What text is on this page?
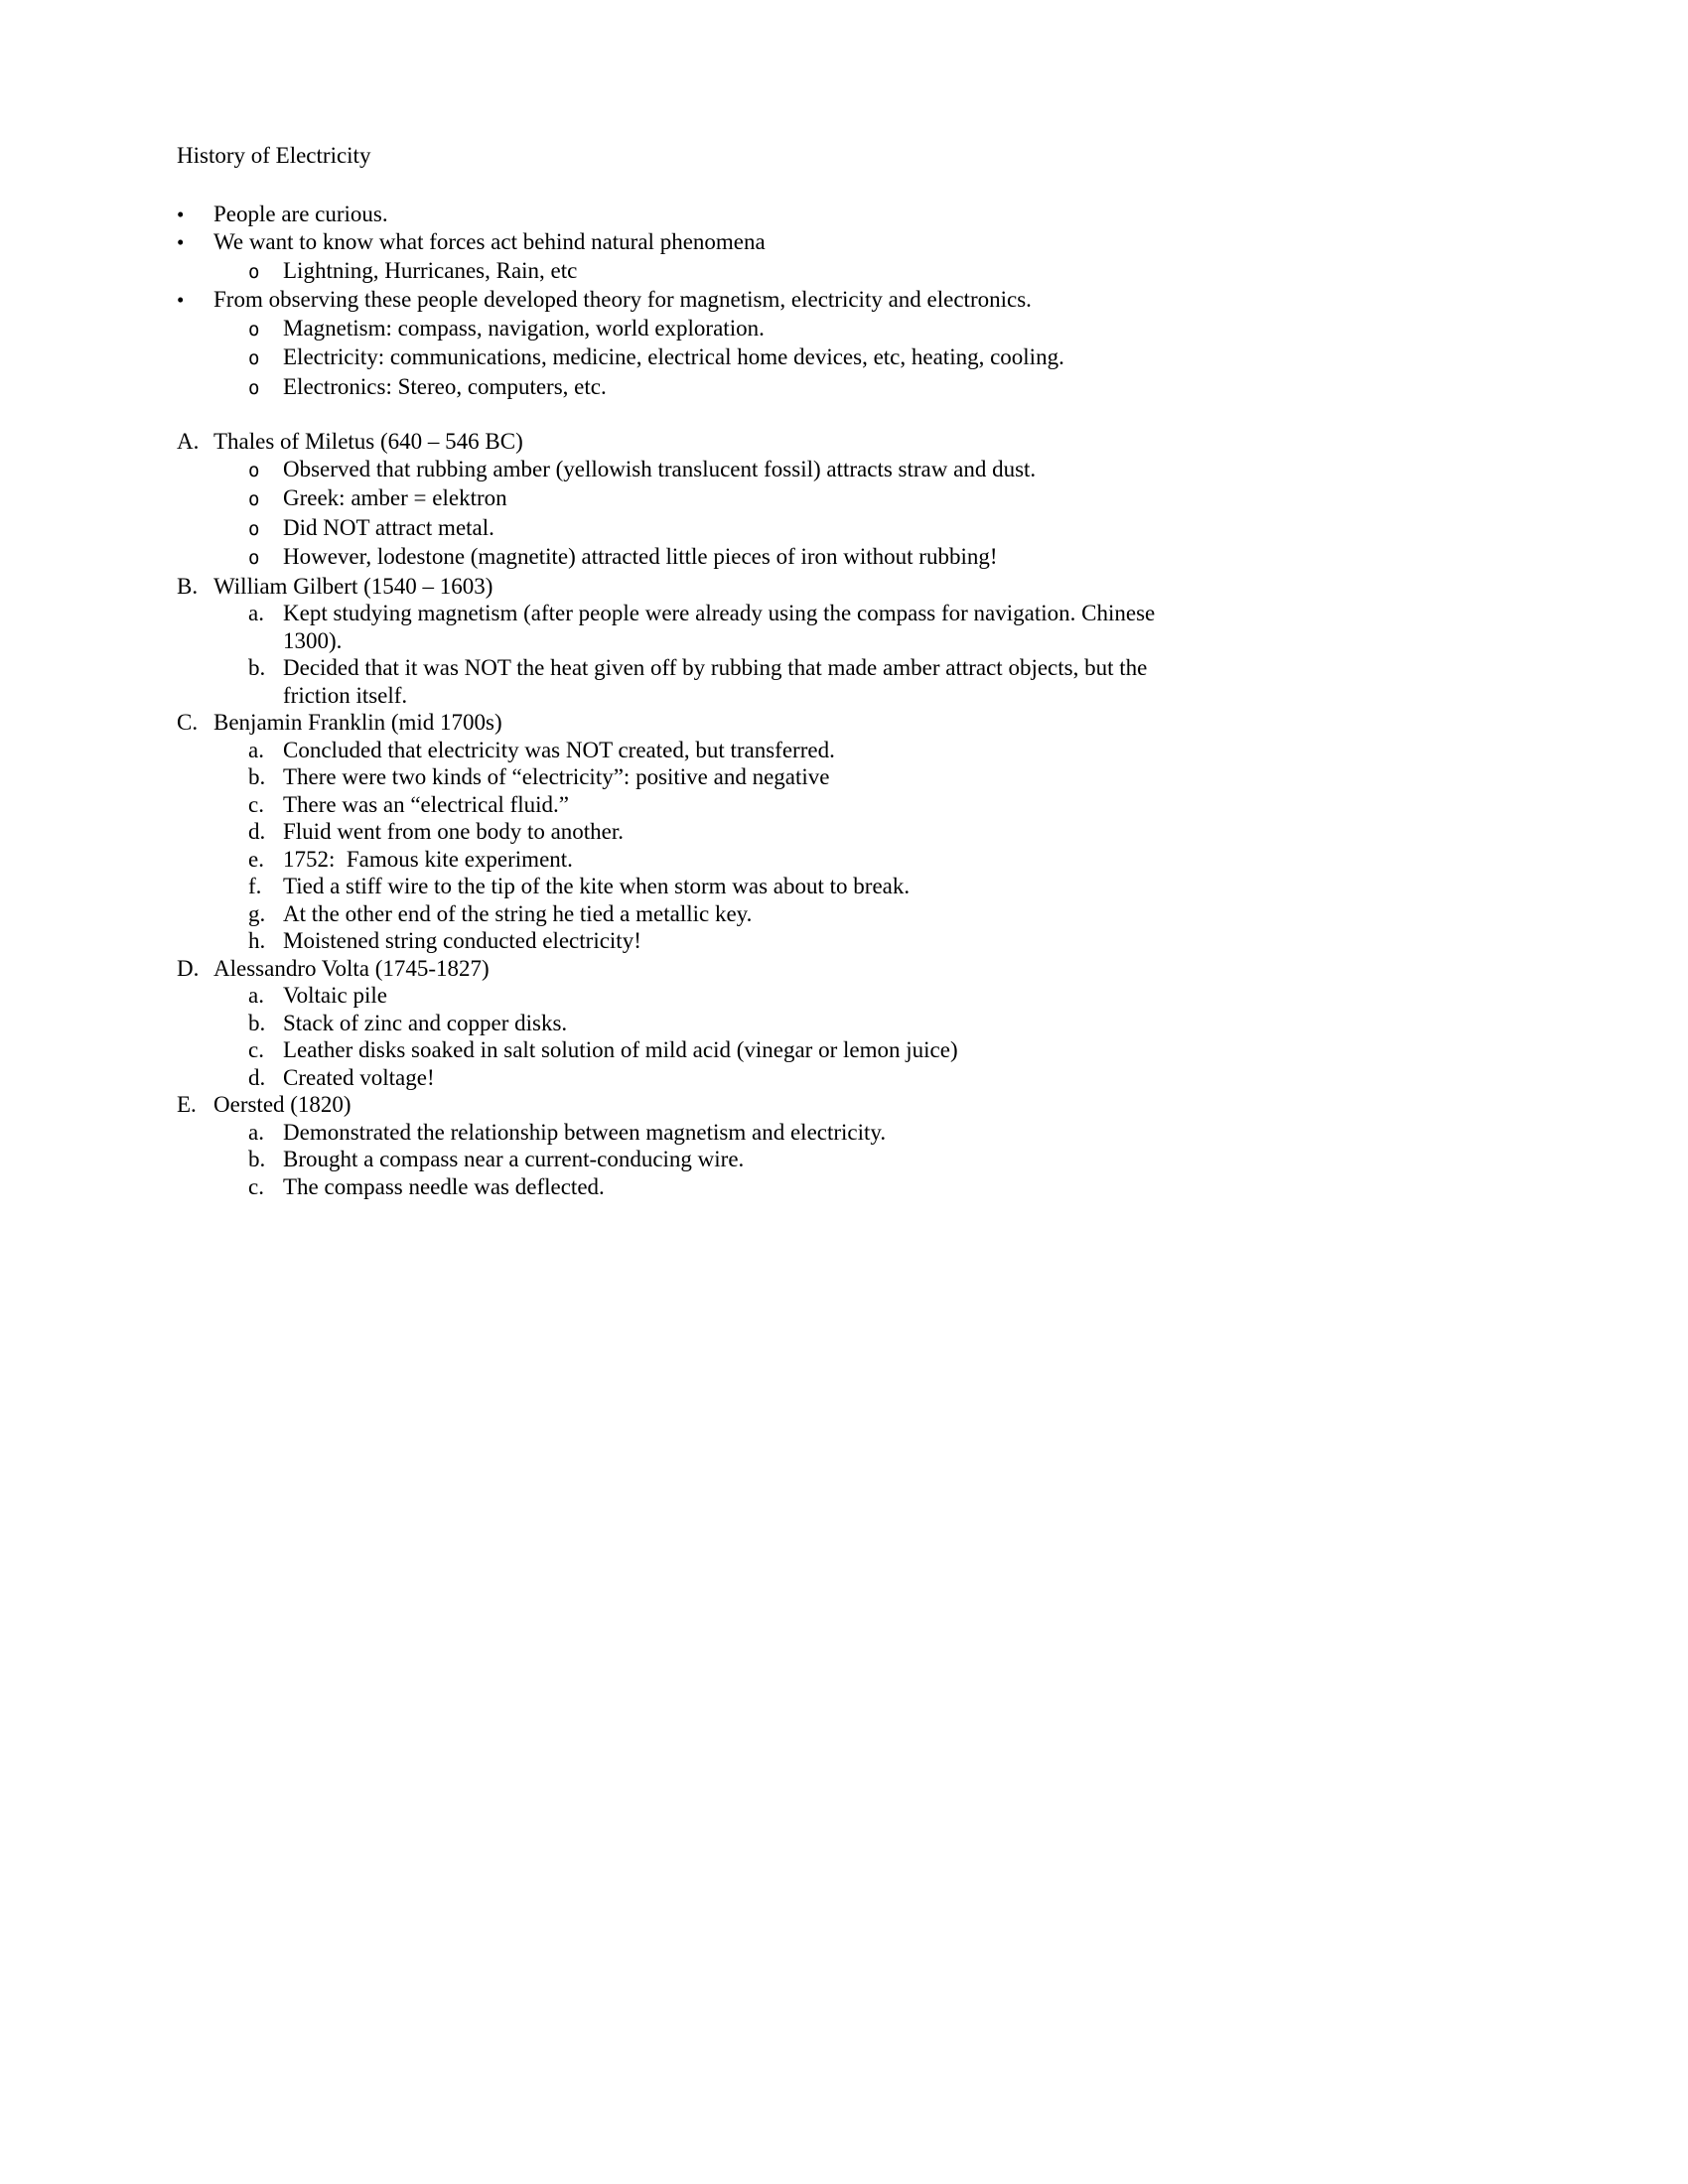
History of Electricity
•	People are curious.
•	We want to know what forces act behind natural phenomena
o	Lightning, Hurricanes, Rain, etc
•	From observing these people developed theory for magnetism, electricity and electronics.
o	Magnetism: compass, navigation, world exploration.
o	Electricity: communications, medicine, electrical home devices, etc, heating, cooling.
o	Electronics: Stereo, computers, etc.
A. Thales of Miletus (640 – 546 BC)
o	Observed that rubbing amber (yellowish translucent fossil) attracts straw and dust.
o	Greek: amber = elektron
o	Did NOT attract metal.
o	However, lodestone (magnetite) attracted little pieces of iron without rubbing!
B. William Gilbert (1540 – 1603)
a. Kept studying magnetism (after people were already using the compass for navigation. Chinese 1300).
b. Decided that it was NOT the heat given off by rubbing that made amber attract objects, but the friction itself.
C. Benjamin Franklin (mid 1700s)
a. Concluded that electricity was NOT created, but transferred.
b. There were two kinds of “electricity”: positive and negative
c. There was an “electrical fluid.”
d. Fluid went from one body to another.
e. 1752:  Famous kite experiment.
f. Tied a stiff wire to the tip of the kite when storm was about to break.
g. At the other end of the string he tied a metallic key.
h. Moistened string conducted electricity!
D. Alessandro Volta (1745-1827)
a. Voltaic pile
b. Stack of zinc and copper disks.
c. Leather disks soaked in salt solution of mild acid (vinegar or lemon juice)
d. Created voltage!
E. Oersted (1820)
a. Demonstrated the relationship between magnetism and electricity.
b. Brought a compass near a current-conducing wire.
c. The compass needle was deflected.
